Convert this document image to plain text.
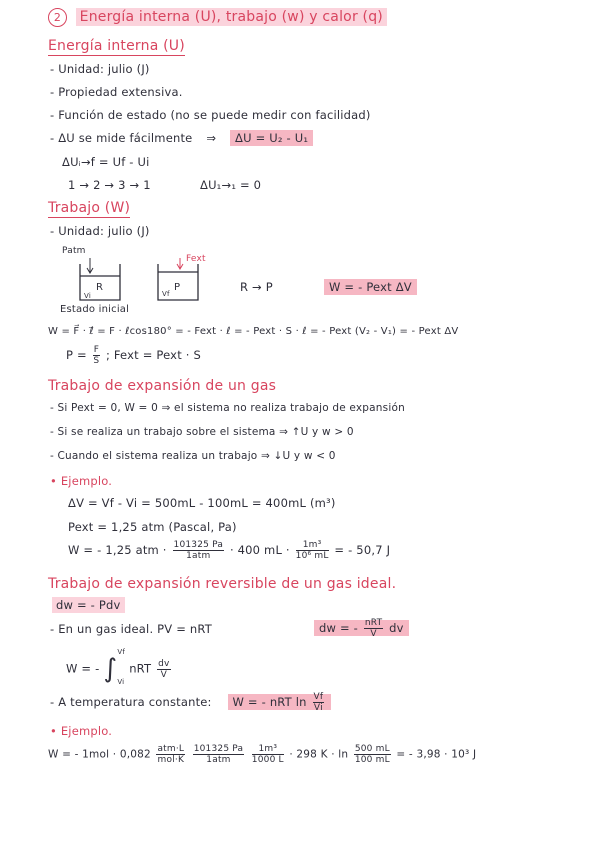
2 Energía interna (U), trabajo (w) y calor (q)
Energía interna (U)
- Unidad: julio (J)
- Propiedad extensiva.
- Función de estado (no se puede medir con facilidad)
- ΔU se mide fácilmente ⇒ ΔU = U₂ - U₁
ΔUᵢ→f = Uf - Ui
1 → 2 → 3 → 1	ΔU₁→₁ = 0
Trabajo (W)
- Unidad: julio (J)
Patm
R	P
Vi	Vf
Fext
Estado inicial
R → P	W = - Pext ΔV
W = F⃗ · ℓ⃗ = F · ℓcos180° = - Fext · ℓ = - Pext · S · ℓ = - Pext (V₂ - V₁) = - Pext ΔV
$P = \frac{F}{S}$ ; Fext = Pext · S
Trabajo de expansión de un gas
- Si Pext = 0, W = 0 ⇒ el sistema no realiza trabajo de expansión
- Si se realiza un trabajo sobre el sistema ⇒ ↑U y w > 0
- Cuando el sistema realiza un trabajo ⇒ ↓U y w < 0
• Ejemplo.
ΔV = Vf - Vi = 500mL - 100mL = 400mL (m³)
Pext = 1,25 atm (Pascal, Pa)
W = - 1,25 atm · $\frac{101325 Pa}{\text{1atm}} \cdot 400$ mL · $\frac{\text{1m³}}{\text{10⁶ mL}}$ = - 50,7 J
Trabajo de expansión reversible de un gas ideal.
dw = - Pdv
- En un gas ideal. PV = nRT	dw = - $\frac{\text{nRT}}{V}$ dv
W = - ∫
Vf
Vi
nRT $\frac{dv}{V}$
- A temperatura constante: W = - nRT $\ln \frac{Vf}{Vi}$
• Ejemplo.
W = - $1mol \cdot 0,082 \frac{\text{atm·L}}{\text{mol·K}}$
$\frac{101325 Pa}{\text{1atm}}$
$\frac{\text{1m³}}{1000 L} \cdot 298$ $K \cdot \ln \frac{500 mL}{100 mL}$ = - 3,98 · 10³ J
